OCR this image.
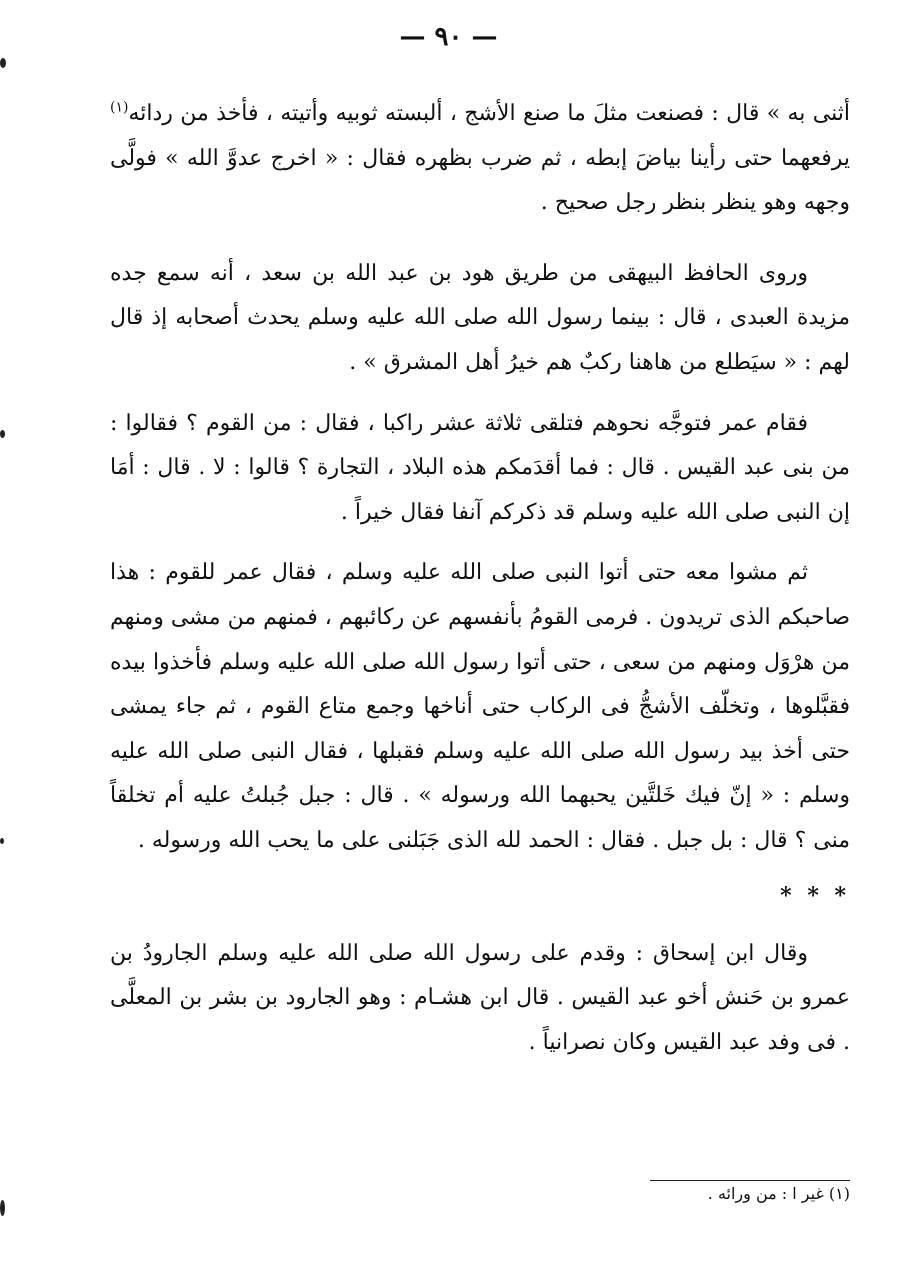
— ٩٠ —

أثنى به » قال : فصنعت مثلَ ما صنع الأشج ، ألبسته ثوبيه وأتيته ، فأخذ من ردائه$^{(١)}$ يرفعهما حتى رأينا بياضَ إبطه ، ثم ضرب بظهره فقال : « اخرج عدوَّ الله » فولَّى وجهه وهو ينظر بنظر رجل صحيح .

وروى الحافظ البيهقى من طريق هود بن عبد الله بن سعد ، أنه سمع جده مزيدة العبدى ، قال : بينما رسول الله صلى الله عليه وسلم يحدث أصحابه إذ قال لهم : « سيَطلع من هاهنا ركبٌ هم خيرُ أهل المشرق » .

فقام عمر فتوجَّه نحوهم فتلقى ثلاثة عشر راكبا ، فقال : من القوم ؟ فقالوا : من بنى عبد القيس . قال : فما أقدَمكم هذه البلاد ، التجارة ؟ قالوا : لا . قال : أمَا إن النبى صلى الله عليه وسلم قد ذكركم آنفا فقال خيراً .

ثم مشوا معه حتى أتوا النبى صلى الله عليه وسلم ، فقال عمر للقوم : هذا صاحبكم الذى تريدون . فرمى القومُ بأنفسهم عن ركائبهم ، فمنهم من مشى ومنهم من هرْوَل ومنهم من سعى ، حتى أتوا رسول الله صلى الله عليه وسلم فأخذوا بيده فقبَّلوها ، وتخلّف الأشجُّ فى الركاب حتى أناخها وجمع متاع القوم ، ثم جاء يمشى حتى أخذ بيد رسول الله صلى الله عليه وسلم فقبلها ، فقال النبى صلى الله عليه وسلم : « إنّ فيك خَلتَّين يحبهما الله ورسوله » . قال : جبل جُبلتُ عليه أم تخلقاً منى ؟ قال : بل جبل . فقال : الحمد لله الذى جَبَلنى على ما يحب الله ورسوله .

* * *

وقال ابن إسحاق : وقدم على رسول الله صلى الله عليه وسلم الجارودُ بن عمرو بن حَنش أخو عبد القيس . قال ابن هشـام : وهو الجارود بن بشر بن المعلَّى . فى وفد عبد القيس وكان نصرانياً .

(١) غير ا : من ورائه .
